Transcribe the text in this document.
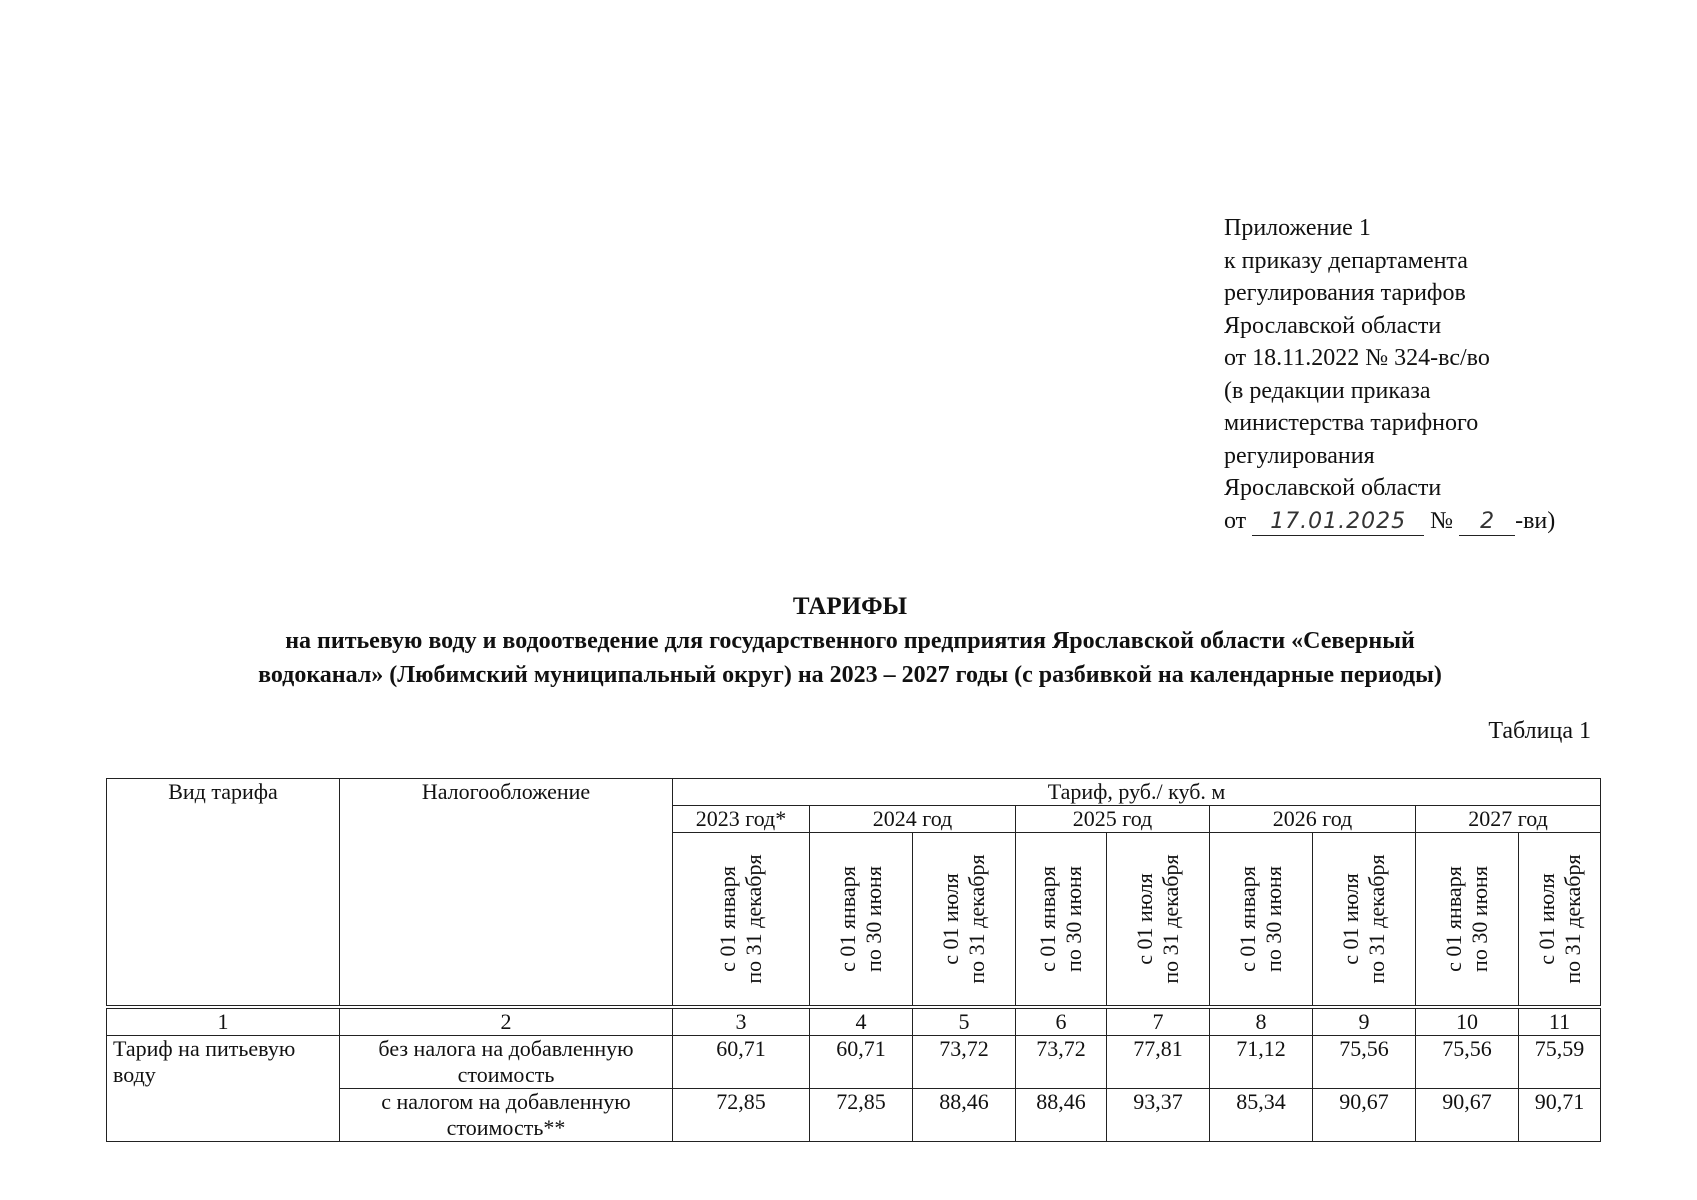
Приложение 1
к приказу департамента
регулирования тарифов
Ярославской области
от 18.11.2022 № 324-вс/во
(в редакции приказа
министерства тарифного
регулирования
Ярославской области
от 17.01.2025 № 2 -ви)
ТАРИФЫ
на питьевую воду и водоотведение для государственного предприятия Ярославской области «Северный
водоканал» (Любимский муниципальный округ) на 2023 – 2027 годы (с разбивкой на календарные периоды)
Таблица 1
Вид тарифа	Налогообложение	Тариф, руб./ куб. м								
		2023 год*	2024 год		2025 год		2026 год		2027 год	

		с 01 января по 31 декабря	с 01 января по 30 июня	с 01 июля по 31 декабря	с 01 января по 30 июня	с 01 июля по 31 декабря	с 01 января по 30 июня	с 01 июля по 31 декабря	с 01 января по 30 июня	с 01 июля по 31 декабря

1	2	3	4	5	6	7	8	9	10	11
Тариф на питьевую воду	без налога на добавленную стоимость	60,71	60,71	73,72	73,72	77,81	71,12	75,56	75,56	75,59
	с налогом на добавленную стоимость**	72,85	72,85	88,46	88,46	93,37	85,34	90,67	90,67	90,71
